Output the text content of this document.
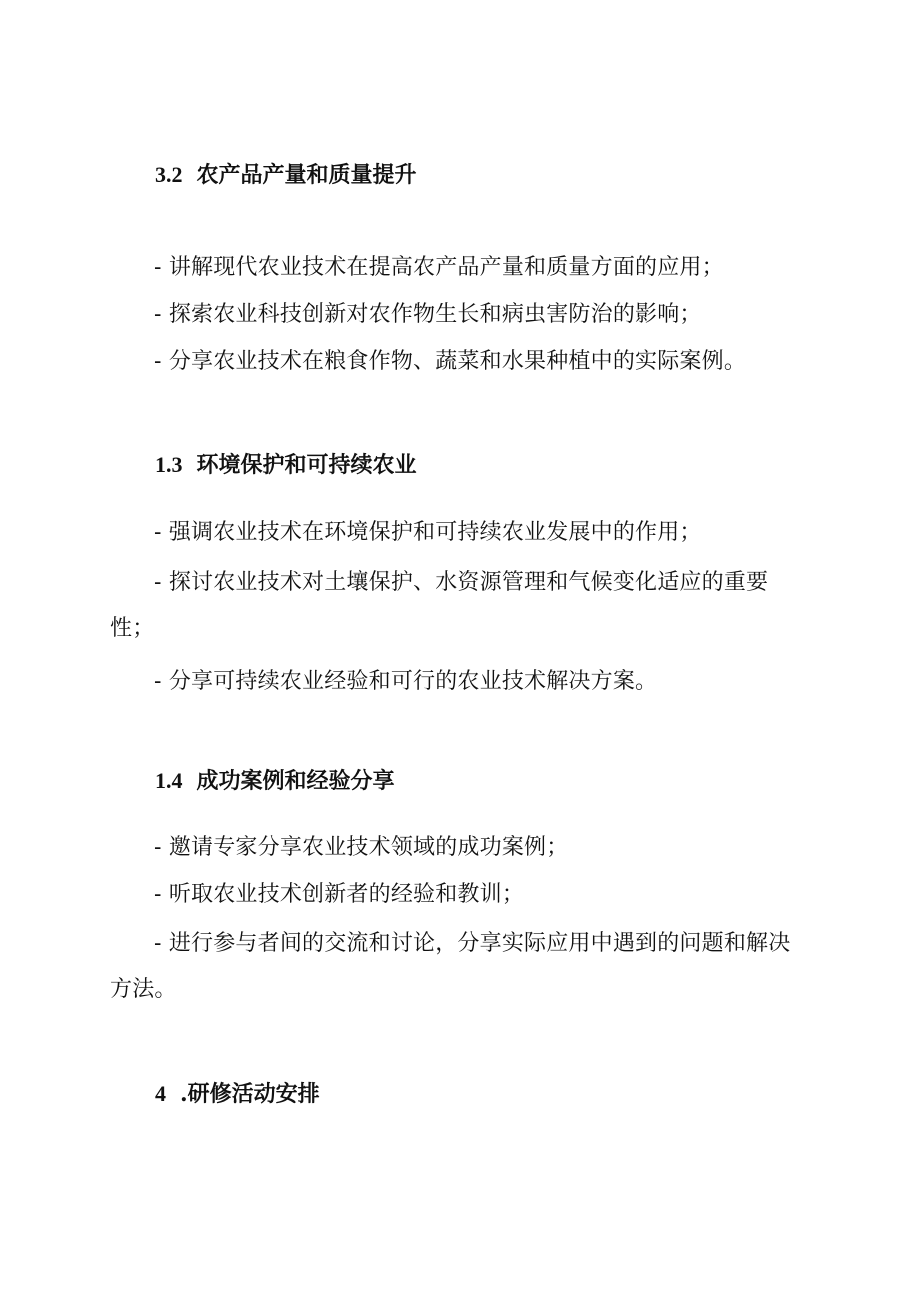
3.2 农产品产量和质量提升
- 讲解现代农业技术在提高农产品产量和质量方面的应用；
- 探索农业科技创新对农作物生长和病虫害防治的影响；
- 分享农业技术在粮食作物、蔬菜和水果种植中的实际案例。
1.3 环境保护和可持续农业
- 强调农业技术在环境保护和可持续农业发展中的作用；
- 探讨农业技术对土壤保护、水资源管理和气候变化适应的重要性；
- 分享可持续农业经验和可行的农业技术解决方案。
1.4 成功案例和经验分享
- 邀请专家分享农业技术领域的成功案例；
- 听取农业技术创新者的经验和教训；
- 进行参与者间的交流和讨论，分享实际应用中遇到的问题和解决方法。
4 .研修活动安排
